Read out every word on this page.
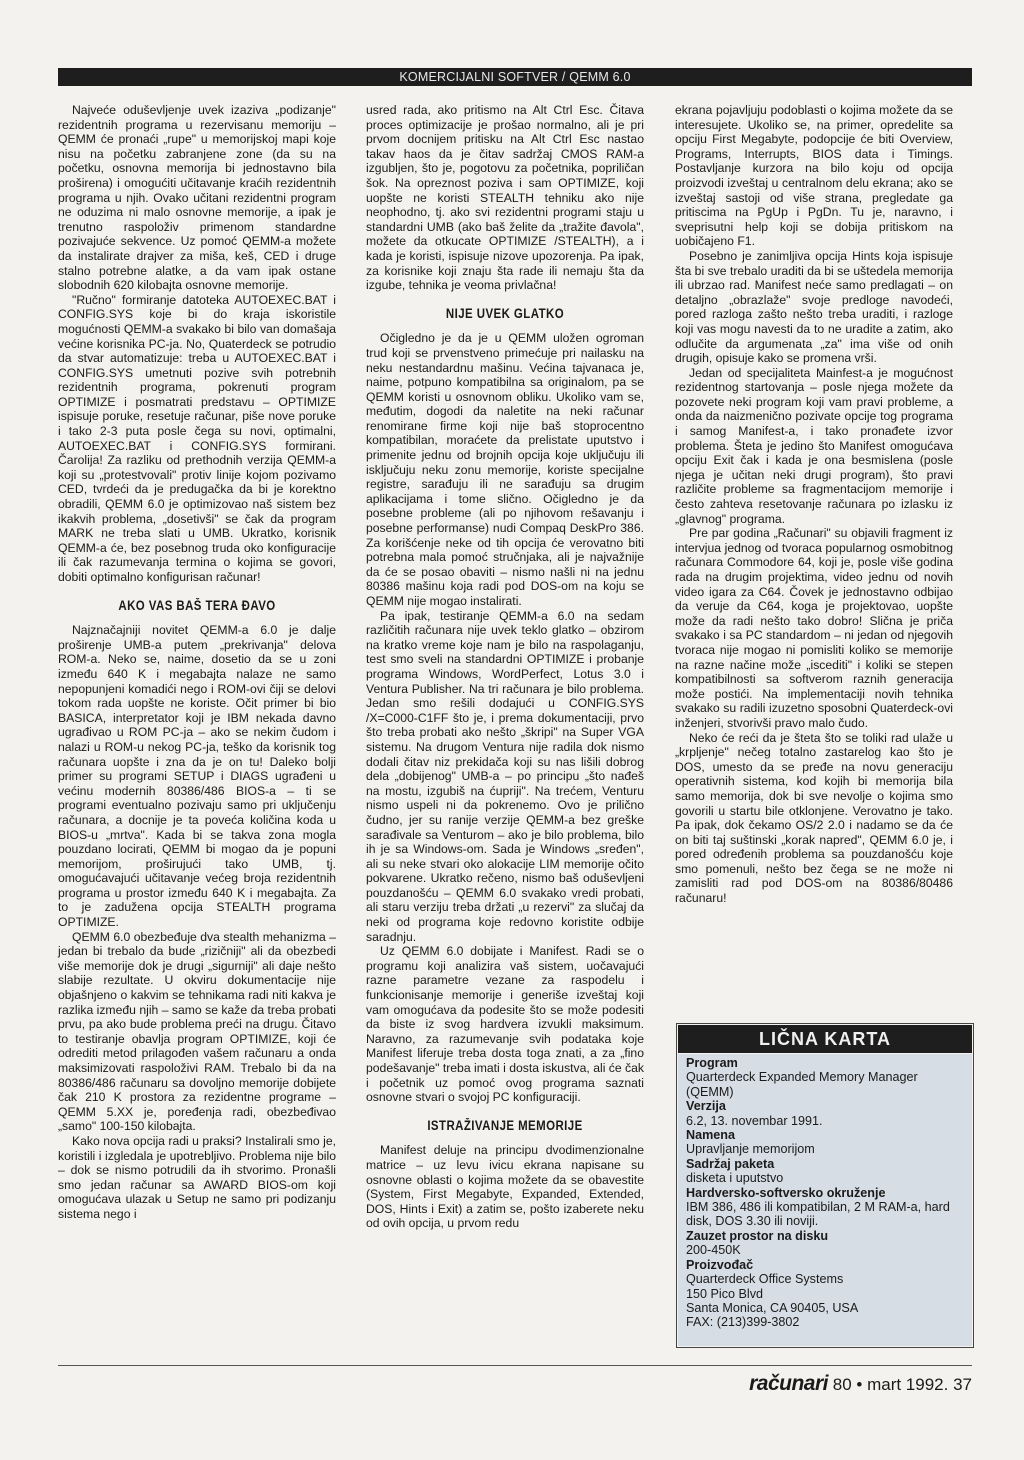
KOMERCIJALNI SOFTVER / QEMM 6.0

Najveće oduševljenje uvek izaziva „podizanje" rezidentnih programa u rezervisanu memoriju – QEMM će pronaći „rupe" u memorijskoj mapi koje nisu na početku zabranjene zone (da su na početku, osnovna memorija bi jednostavno bila proširena) i omogućiti učitavanje kraćih rezidentnih programa u njih. Ovako učitani rezidentni program ne oduzima ni malo osnovne memorije, a ipak je trenutno raspoloživ primenom standardne pozivajuće sekvence. Uz pomoć QEMM-a možete da instalirate drajver za miša, keš, CED i druge stalno potrebne alatke, a da vam ipak ostane slobodnih 620 kilobajta osnovne memorije.

"Ručno" formiranje datoteka AUTOEXEC.BAT i CONFIG.SYS koje bi do kraja iskoristile mogućnosti QEMM-a svakako bi bilo van domašaja većine korisnika PC-ja. No, Quaterdeck se potrudio da stvar automatizuje: treba u AUTOEXEC.BAT i CONFIG.SYS umetnuti pozive svih potrebnih rezidentnih programa, pokrenuti program OPTIMIZE i posmatrati predstavu – OPTIMIZE ispisuje poruke, resetuje računar, piše nove poruke i tako 2-3 puta posle čega su novi, optimalni, AUTOEXEC.BAT i CONFIG.SYS formirani. Čarolija! Za razliku od prethodnih verzija QEMM-a koji su „protestvovali" protiv linije kojom pozivamo CED, tvrdeći da je predugačka da bi je korektno obradili, QEMM 6.0 je optimizovao naš sistem bez ikakvih problema, „dosetivši" se čak da program MARK ne treba slati u UMB. Ukratko, korisnik QEMM-a će, bez posebnog truda oko konfiguracije ili čak razumevanja termina o kojima se govori, dobiti optimalno konfigurisan računar!

AKO VAS BAŠ TERA ĐAVO

Najznačajniji novitet QEMM-a 6.0 je dalje proširenje UMB-a putem „prekrivanja" delova ROM-a. Neko se, naime, dosetio da se u zoni između 640 K i megabajta nalaze ne samo nepopunjeni komadići nego i ROM-ovi čiji se delovi tokom rada uopšte ne koriste. Očit primer bi bio BASICA, interpretator koji je IBM nekada davno ugrađivao u ROM PC-ja – ako se nekim čudom i nalazi u ROM-u nekog PC-ja, teško da korisnik tog računara uopšte i zna da je on tu! Daleko bolji primer su programi SETUP i DIAGS ugrađeni u većinu modernih 80386/486 BIOS-a – ti se programi eventualno pozivaju samo pri uključenju računara, a docnije je ta poveća količina koda u BIOS-u „mrtva". Kada bi se takva zona mogla pouzdano locirati, QEMM bi mogao da je popuni memorijom, proširujući tako UMB, tj. omogućavajući učitavanje većeg broja rezidentnih programa u prostor između 640 K i megabajta. Za to je zadužena opcija STEALTH programa OPTIMIZE.

QEMM 6.0 obezbeđuje dva stealth mehanizma – jedan bi trebalo da bude „rizičniji" ali da obezbedi više memorije dok je drugi „sigurniji" ali daje nešto slabije rezultate. U okviru dokumentacije nije objašnjeno o kakvim se tehnikama radi niti kakva je razlika između njih – samo se kaže da treba probati prvu, pa ako bude problema preći na drugu. Čitavo to testiranje obavlja program OPTIMIZE, koji će odrediti metod prilagođen vašem računaru a onda maksimizovati raspoloživi RAM. Trebalo bi da na 80386/486 računaru sa dovoljno memorije dobijete čak 210 K prostora za rezidentne programe – QEMM 5.XX je, poređenja radi, obezbeđivao „samo" 100-150 kilobajta.

Kako nova opcija radi u praksi? Instalirali smo je, koristili i izgledala je upotrebljivo. Problema nije bilo – dok se nismo potrudili da ih stvorimo. Pronašli smo jedan računar sa AWARD BIOS-om koji omogućava ulazak u Setup ne samo pri podizanju sistema nego i

usred rada, ako pritismo na Alt Ctrl Esc. Čitava proces optimizacije je prošao normalno, ali je pri prvom docnijem pritisku na Alt Ctrl Esc nastao takav haos da je čitav sadržaj CMOS RAM-a izgubljen, što je, pogotovu za početnika, popriličan šok. Na opreznost poziva i sam OPTIMIZE, koji uopšte ne koristi STEALTH tehniku ako nije neophodno, tj. ako svi rezidentni programi staju u standardni UMB (ako baš želite da „tražite đavola", možete da otkucate OPTIMIZE /STEALTH), a i kada je koristi, ispisuje nizove upozorenja. Pa ipak, za korisnike koji znaju šta rade ili nemaju šta da izgube, tehnika je veoma privlačna!

NIJE UVEK GLATKO

Očigledno je da je u QEMM uložen ogroman trud koji se prvenstveno primećuje pri nailasku na neku nestandardnu mašinu. Većina tajvanaca je, naime, potpuno kompatibilna sa originalom, pa se QEMM koristi u osnovnom obliku. Ukoliko vam se, međutim, dogodi da naletite na neki računar renomirane firme koji nije baš stoprocentno kompatibilan, moraćete da prelistate uputstvo i primenite jednu od brojnih opcija koje uključuju ili isključuju neku zonu memorije, koriste specijalne registre, sarađuju ili ne sarađuju sa drugim aplikacijama i tome slično. Očigledno je da posebne probleme (ali po njihovom rešavanju i posebne performanse) nudi Compaq DeskPro 386. Za korišćenje neke od tih opcija će verovatno biti potrebna mala pomoć stručnjaka, ali je najvažnije da će se posao obaviti – nismo našli ni na jednu 80386 mašinu koja radi pod DOS-om na koju se QEMM nije mogao instalirati.

Pa ipak, testiranje QEMM-a 6.0 na sedam različitih računara nije uvek teklo glatko – obzirom na kratko vreme koje nam je bilo na raspolaganju, test smo sveli na standardni OPTIMIZE i probanje programa Windows, WordPerfect, Lotus 3.0 i Ventura Publisher. Na tri računara je bilo problema. Jedan smo rešili dodajući u CONFIG.SYS /X=C000-C1FF što je, i prema dokumentaciji, prvo što treba probati ako nešto „škripi" na Super VGA sistemu. Na drugom Ventura nije radila dok nismo dodali čitav niz prekidača koji su nas lišili dobrog dela „dobijenog" UMB-a – po principu „što nađeš na mostu, izgubiš na ćupriji". Na trećem, Venturu nismo uspeli ni da pokrenemo. Ovo je prilično čudno, jer su ranije verzije QEMM-a bez greške sarađivale sa Venturom – ako je bilo problema, bilo ih je sa Windows-om. Sada je Windows „sređen", ali su neke stvari oko alokacije LIM memorije očito pokvarene. Ukratko rečeno, nismo baš oduševljeni pouzdanošću – QEMM 6.0 svakako vredi probati, ali staru verziju treba držati „u rezervi" za slučaj da neki od programa koje redovno koristite odbije saradnju.

Uz QEMM 6.0 dobijate i Manifest. Radi se o programu koji analizira vaš sistem, uočavajući razne parametre vezane za raspodelu i funkcionisanje memorije i generiše izveštaj koji vam omogućava da podesite što se može podesiti da biste iz svog hardvera izvukli maksimum. Naravno, za razumevanje svih podataka koje Manifest liferuje treba dosta toga znati, a za „fino podešavanje" treba imati i dosta iskustva, ali će čak i početnik uz pomoć ovog programa saznati osnovne stvari o svojoj PC konfiguraciji.

ISTRAŽIVANJE MEMORIJE

Manifest deluje na principu dvodimenzionalne matrice – uz levu ivicu ekrana napisane su osnovne oblasti o kojima možete da se obavestite (System, First Megabyte, Expanded, Extended, DOS, Hints i Exit) a zatim se, pošto izaberete neku od ovih opcija, u prvom redu

ekrana pojavljuju podoblasti o kojima možete da se interesujete. Ukoliko se, na primer, opredelite sa opciju First Megabyte, podopcije će biti Overview, Programs, Interrupts, BIOS data i Timings. Postavljanje kurzora na bilo koju od opcija proizvodi izveštaj u centralnom delu ekrana; ako se izveštaj sastoji od više strana, pregledate ga pritiscima na PgUp i PgDn. Tu je, naravno, i sveprisutni help koji se dobija pritiskom na uobičajeno F1.

Posebno je zanimljiva opcija Hints koja ispisuje šta bi sve trebalo uraditi da bi se uštedela memorija ili ubrzao rad. Manifest neće samo predlagati – on detaljno „obrazlaže" svoje predloge navodeći, pored razloga zašto nešto treba uraditi, i razloge koji vas mogu navesti da to ne uradite a zatim, ako odlučite da argumenata „za" ima više od onih drugih, opisuje kako se promena vrši.

Jedan od specijaliteta Mainfest-a je mogućnost rezidentnog startovanja – posle njega možete da pozovete neki program koji vam pravi probleme, a onda da naizmenično pozivate opcije tog programa i samog Manifest-a, i tako pronađete izvor problema. Šteta je jedino što Manifest omogućava opciju Exit čak i kada je ona besmislena (posle njega je učitan neki drugi program), što pravi različite probleme sa fragmentacijom memorije i često zahteva resetovanje računara po izlasku iz „glavnog" programa.

Pre par godina „Računari" su objavili fragment iz intervjua jednog od tvoraca popularnog osmobitnog računara Commodore 64, koji je, posle više godina rada na drugim projektima, video jednu od novih video igara za C64. Čovek je jednostavno odbijao da veruje da C64, koga je projektovao, uopšte može da radi nešto tako dobro! Slična je priča svakako i sa PC standardom – ni jedan od njegovih tvoraca nije mogao ni pomisliti koliko se memorije na razne načine može „iscediti" i koliki se stepen kompatibilnosti sa softverom raznih generacija može postići. Na implementaciji novih tehnika svakako su radili izuzetno sposobni Quaterdeck-ovi inženjeri, stvorivši pravo malo čudo.

Neko će reći da je šteta što se toliki rad ulaže u „krpljenje" nečeg totalno zastarelog kao što je DOS, umesto da se pređe na novu generaciju operativnih sistema, kod kojih bi memorija bila samo memorija, dok bi sve nevolje o kojima smo govorili u startu bile otklonjene. Verovatno je tako. Pa ipak, dok čekamo OS/2 2.0 i nadamo se da će on biti taj suštinski „korak napred", QEMM 6.0 je, i pored određenih problema sa pouzdanošću koje smo pomenuli, nešto bez čega se ne može ni zamisliti rad pod DOS-om na 80386/80486 računaru!

LIČNA KARTA
Program
Quarterdeck Expanded Memory Manager (QEMM)
Verzija
6.2, 13. novembar 1991.
Namena
Upravljanje memorijom
Sadržaj paketa
disketa i uputstvo
Hardversko-softversko okruženje
IBM 386, 486 ili kompatibilan, 2 M RAM-a, hard disk, DOS 3.30 ili noviji.
Zauzet prostor na disku
200-450K
Proizvođač
Quarterdeck Office Systems
150 Pico Blvd
Santa Monica, CA 90405, USA
FAX: (213)399-3802
računari 80 • mart 1992. 37
